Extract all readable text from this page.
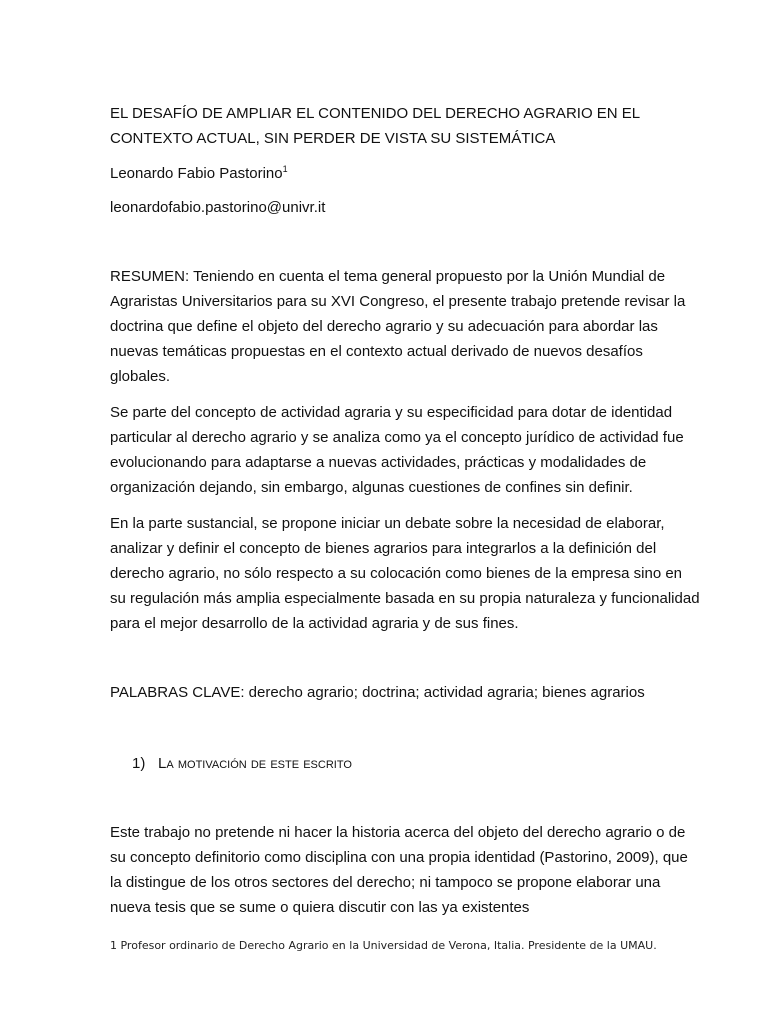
EL DESAFÍO DE AMPLIAR EL CONTENIDO DEL DERECHO AGRARIO EN EL CONTEXTO ACTUAL, SIN PERDER DE VISTA SU SISTEMÁTICA
Leonardo Fabio Pastorino$^1$
leonardofabio.pastorino@univr.it

RESUMEN: Teniendo en cuenta el tema general propuesto por la Unión Mundial de Agraristas Universitarios para su XVI Congreso, el presente trabajo pretende revisar la doctrina que define el objeto del derecho agrario y su adecuación para abordar las nuevas temáticas propuestas en el contexto actual derivado de nuevos desafíos globales.

Se parte del concepto de actividad agraria y su especificidad para dotar de identidad particular al derecho agrario y se analiza como ya el concepto jurídico de actividad fue evolucionando para adaptarse a nuevas actividades, prácticas y modalidades de organización dejando, sin embargo, algunas cuestiones de confines sin definir.

En la parte sustancial, se propone iniciar un debate sobre la necesidad de elaborar, analizar y definir el concepto de bienes agrarios para integrarlos a la definición del derecho agrario, no sólo respecto a su colocación como bienes de la empresa sino en su regulación más amplia especialmente basada en su propia naturaleza y funcionalidad para el mejor desarrollo de la actividad agraria y de sus fines.

PALABRAS CLAVE: derecho agrario; doctrina; actividad agraria; bienes agrarios

1) La motivación de este escrito

Este trabajo no pretende ni hacer la historia acerca del objeto del derecho agrario o de su concepto definitorio como disciplina con una propia identidad (Pastorino, 2009), que la distingue de los otros sectores del derecho; ni tampoco se propone elaborar una nueva tesis que se sume o quiera discutir con las ya existentes

1 Profesor ordinario de Derecho Agrario en la Universidad de Verona, Italia. Presidente de la UMAU.
